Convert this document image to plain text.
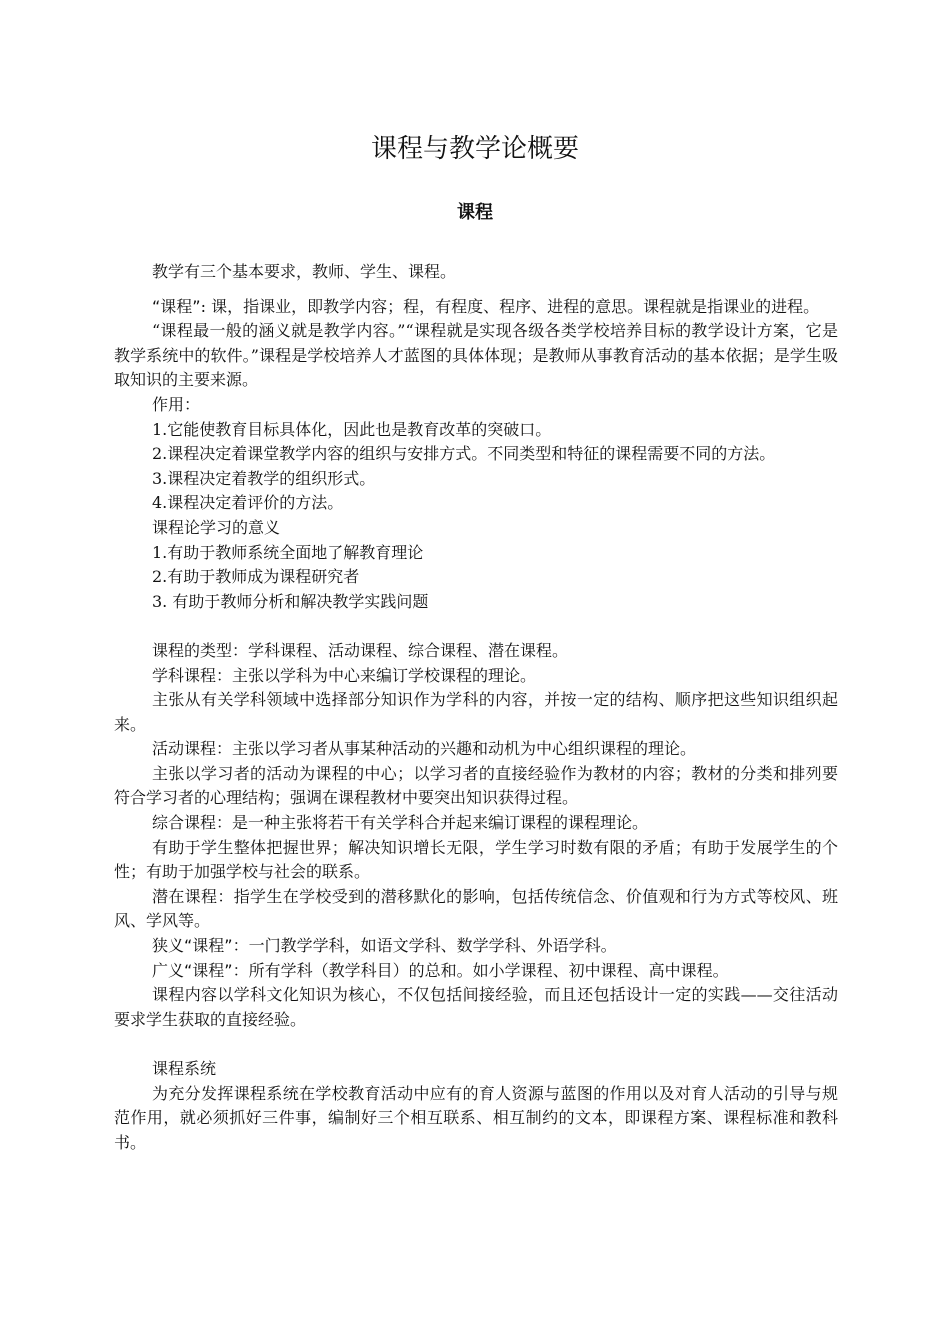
课程与教学论概要
课程

教学有三个基本要求，教师、学生、课程。

“课程”: 课，指课业，即教学内容；程，有程度、程序、进程的意思。课程就是指课业的进程。

“课程最一般的涵义就是教学内容。”“课程就是实现各级各类学校培养目标的教学设计方案，它是教学系统中的软件。”课程是学校培养人才蓝图的具体体现；是教师从事教育活动的基本依据；是学生吸取知识的主要来源。

作用：

1.它能使教育目标具体化，因此也是教育改革的突破口。

2.课程决定着课堂教学内容的组织与安排方式。不同类型和特征的课程需要不同的方法。

3.课程决定着教学的组织形式。

4.课程决定着评价的方法。

课程论学习的意义

1.有助于教师系统全面地了解教育理论

2.有助于教师成为课程研究者

3. 有助于教师分析和解决教学实践问题

课程的类型：学科课程、活动课程、综合课程、潜在课程。

学科课程：主张以学科为中心来编订学校课程的理论。

主张从有关学科领域中选择部分知识作为学科的内容，并按一定的结构、顺序把这些知识组织起来。

活动课程：主张以学习者从事某种活动的兴趣和动机为中心组织课程的理论。

主张以学习者的活动为课程的中心；以学习者的直接经验作为教材的内容；教材的分类和排列要符合学习者的心理结构；强调在课程教材中要突出知识获得过程。

综合课程：是一种主张将若干有关学科合并起来编订课程的课程理论。

有助于学生整体把握世界；解决知识增长无限，学生学习时数有限的矛盾；有助于发展学生的个性；有助于加强学校与社会的联系。

潜在课程：指学生在学校受到的潜移默化的影响，包括传统信念、价值观和行为方式等校风、班风、学风等。

狭义“课程”：一门教学学科，如语文学科、数学学科、外语学科。

广义“课程”：所有学科（教学科目）的总和。如小学课程、初中课程、高中课程。

课程内容以学科文化知识为核心，不仅包括间接经验，而且还包括设计一定的实践——交往活动要求学生获取的直接经验。

课程系统

为充分发挥课程系统在学校教育活动中应有的育人资源与蓝图的作用以及对育人活动的引导与规范作用，就必须抓好三件事，编制好三个相互联系、相互制约的文本，即课程方案、课程标准和教科书。
